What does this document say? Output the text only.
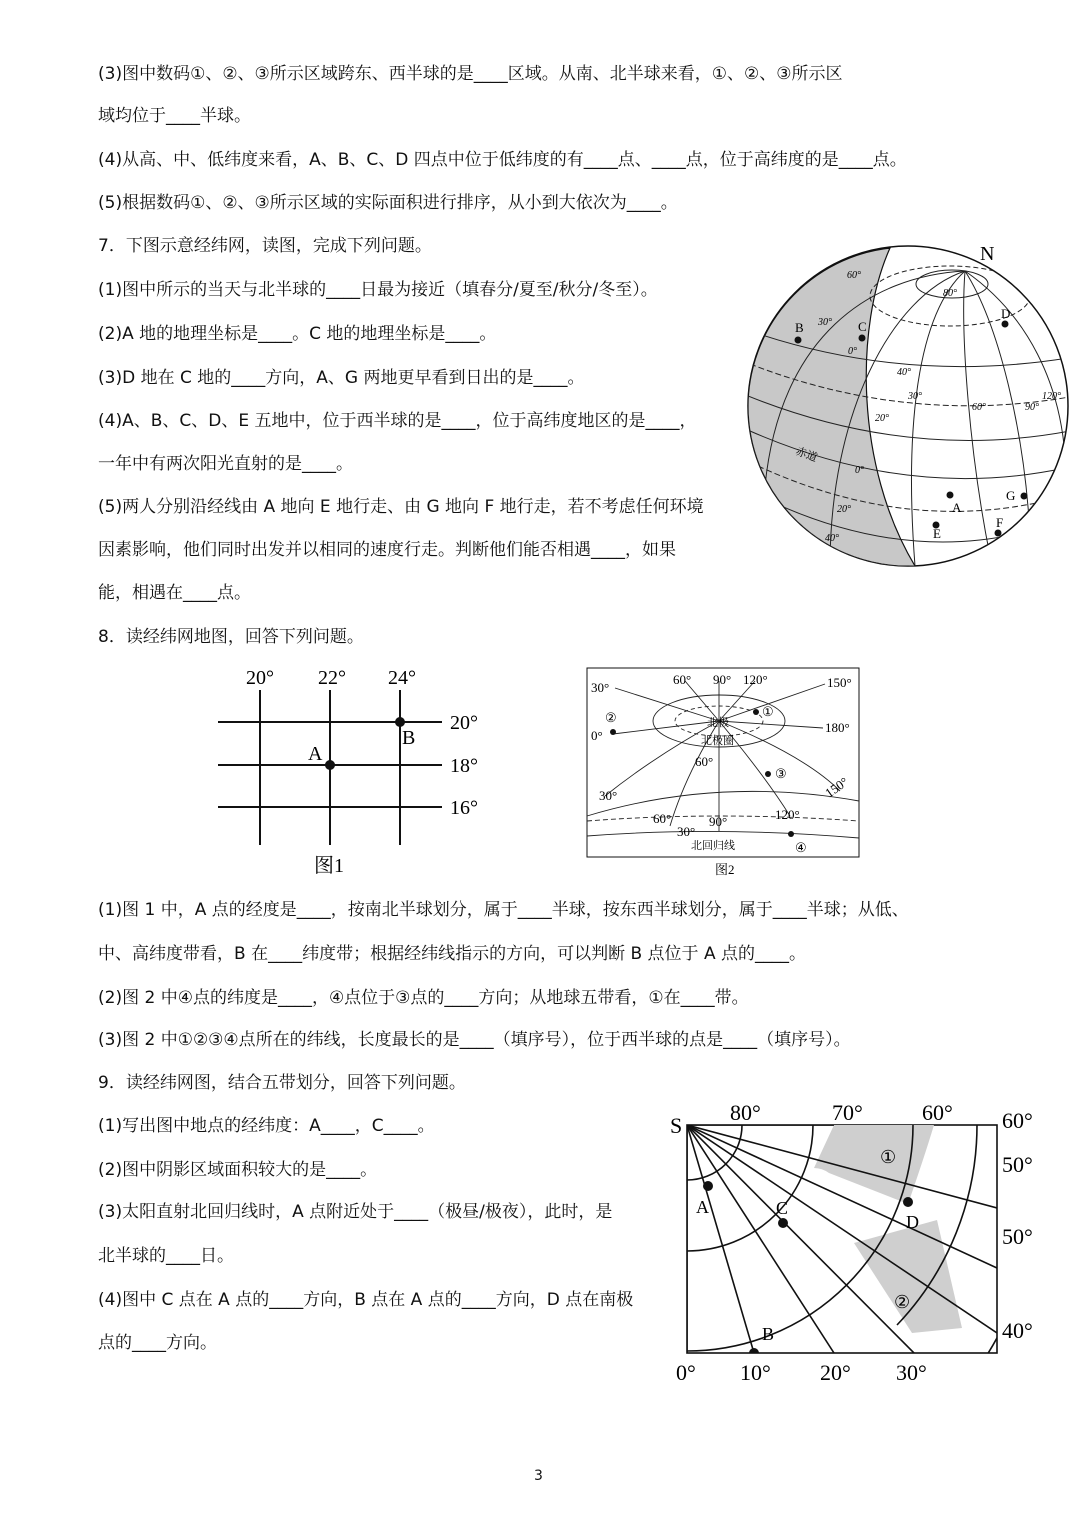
(3)图中数码①、②、③所示区域跨东、西半球的是____区域。从南、北半球来看，①、②、③所示区
域均位于____半球。
(4)从高、中、低纬度来看，A、B、C、D 四点中位于低纬度的有____点、____点，位于高纬度的是____点。
(5)根据数码①、②、③所示区域的实际面积进行排序，从小到大依次为____。
7．下图示意经纬网，读图，完成下列问题。
(1)图中所示的当天与北半球的____日最为接近（填春分/夏至/秋分/冬至）。
(2)A 地的地理坐标是____。C 地的地理坐标是____。
(3)D 地在 C 地的____方向，A、G 两地更早看到日出的是____。
(4)A、B、C、D、E 五地中，位于西半球的是____，位于高纬度地区的是____，
一年中有两次阳光直射的是____。
(5)两人分别沿经线由 A 地向 E 地行走、由 G 地向 F 地行走，若不考虑任何环境
因素影响，他们同时出发并以相同的速度行走。判断他们能否相遇____，如果
能，相遇在____点。
8．读经纬网地图，回答下列问题。
(1)图 1 中，A 点的经度是____，按南北半球划分，属于____半球，按东西半球划分，属于____半球；从低、
中、高纬度带看，B 在____纬度带；根据经纬线指示的方向，可以判断 B 点位于 A 点的____。
(2)图 2 中④点的纬度是____，④点位于③点的____方向；从地球五带看，①在____带。
(3)图 2 中①②③④点所在的纬线，长度最长的是____（填序号），位于西半球的点是____（填序号）。
9．读经纬网图，结合五带划分，回答下列问题。
(1)写出图中地点的经纬度：A____，C____。
(2)图中阴影区域面积较大的是____。
(3)太阳直射北回归线时，A 点附近处于____（极昼/极夜），此时，是
北半球的____日。
(4)图中 C 点在 A 点的____方向，B 点在 A 点的____方向，D 点在南极
点的____方向。
N
赤道
B	C
D
A
G
E
F
60°
30°
0°
60°	90°
120°
80°
40°
30°
20°
0°
20°
40°
20° 22° 24°
20°
18°
16°
A
B
图1
北极
北极圈
北回归线
60° 90° 120°	150°
30°
180°
0°
60°
30°	150°
60°
30°
90°	120°
①
②
③
④
图2
S
80°	70°	60° 60°
50°
50°
40°
0° 10° 20° 30°
A
B
C
D
①
②
3
